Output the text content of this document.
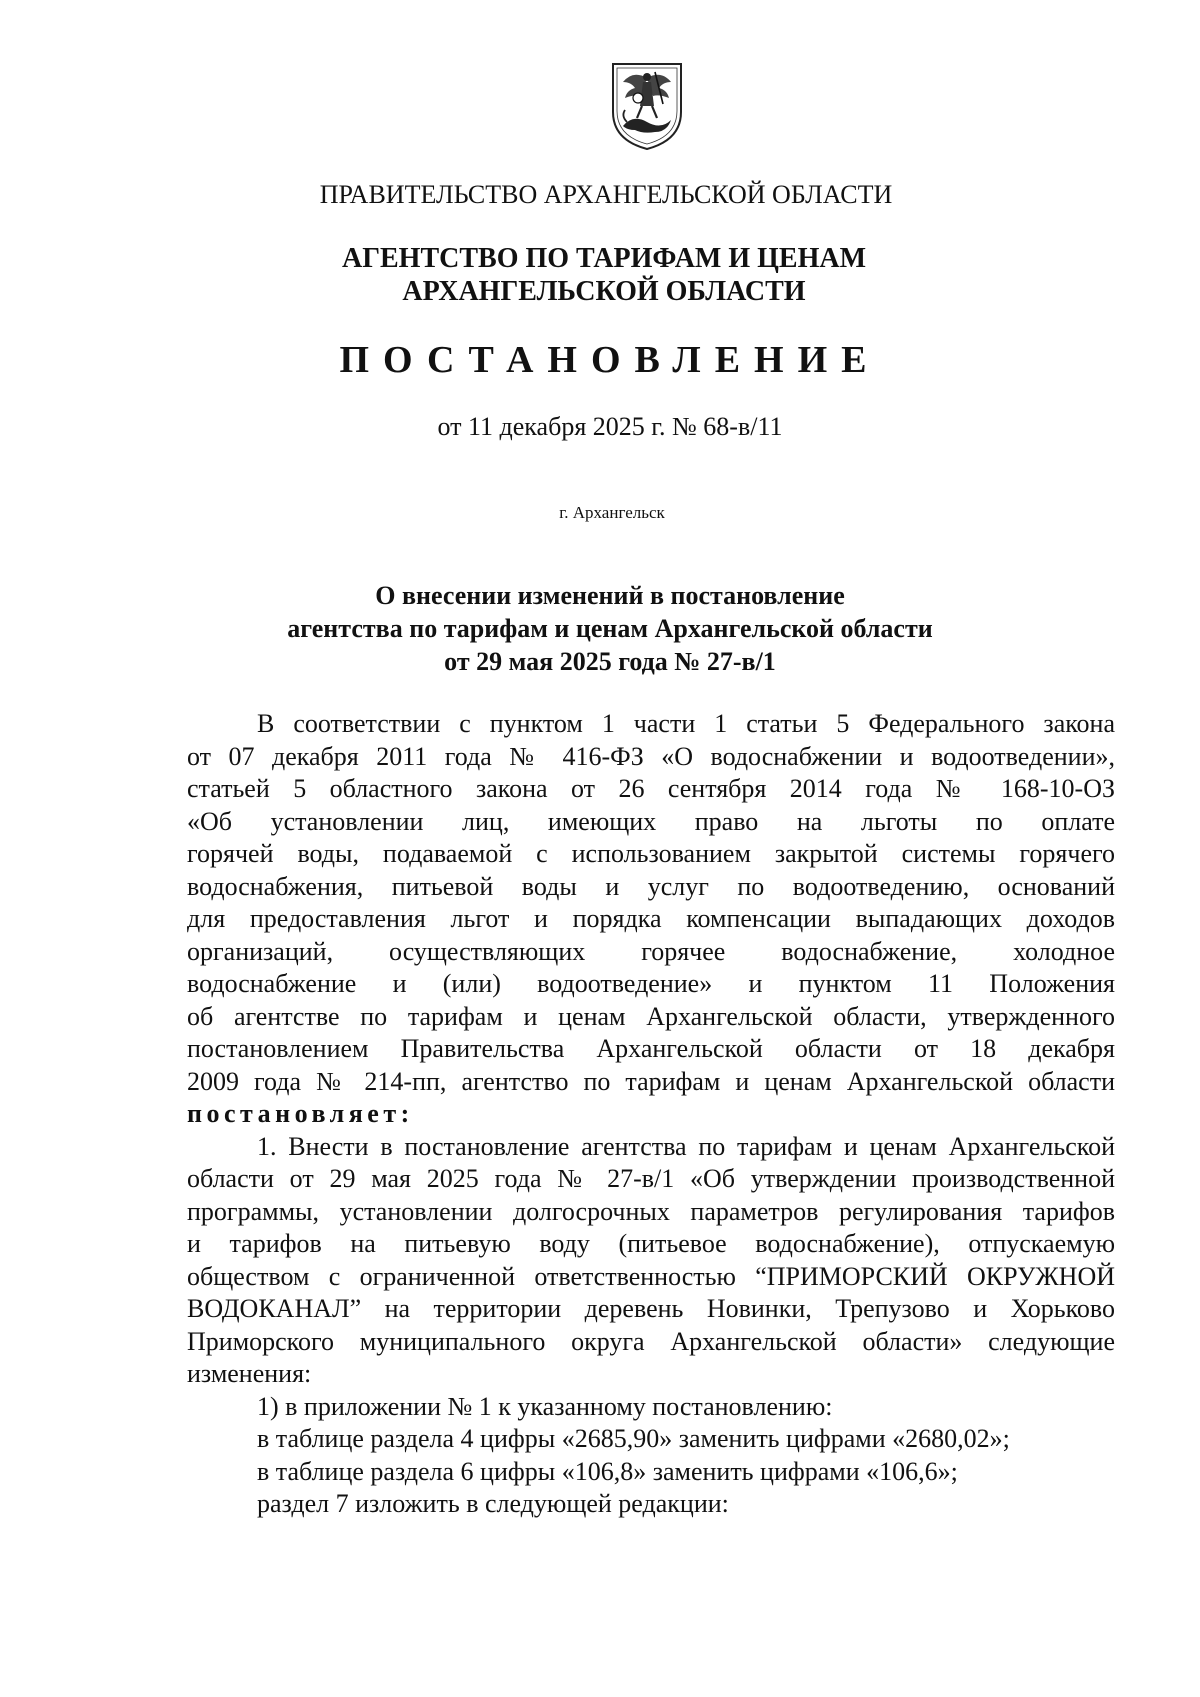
ПРАВИТЕЛЬСТВО АРХАНГЕЛЬСКОЙ ОБЛАСТИ
АГЕНТСТВО ПО ТАРИФАМ И ЦЕНАМ
АРХАНГЕЛЬСКОЙ ОБЛАСТИ
ПОСТАНОВЛЕНИЕ
от 11 декабря 2025 г. № 68-в/11
г. Архангельск
О внесении изменений в постановление
агентства по тарифам и ценам Архангельской области
от 29 мая 2025 года № 27-в/1
В соответствии с пунктом 1 части 1 статьи 5 Федерального закона
от 07 декабря 2011 года № 416-ФЗ «О водоснабжении и водоотведении»,
статьей 5 областного закона от 26 сентября 2014 года № 168-10-ОЗ
«Об установлении лиц, имеющих право на льготы по оплате
горячей воды, подаваемой с использованием закрытой системы горячего
водоснабжения, питьевой воды и услуг по водоотведению, оснований
для предоставления льгот и порядка компенсации выпадающих доходов
организаций, осуществляющих горячее водоснабжение, холодное
водоснабжение и (или) водоотведение» и пунктом 11 Положения
об агентстве по тарифам и ценам Архангельской области, утвержденного
постановлением Правительства Архангельской области от 18 декабря
2009 года № 214-пп, агентство по тарифам и ценам Архангельской области
постановляет:
1. Внести в постановление агентства по тарифам и ценам Архангельской
области от 29 мая 2025 года № 27-в/1 «Об утверждении производственной
программы, установлении долгосрочных параметров регулирования тарифов
и тарифов на питьевую воду (питьевое водоснабжение), отпускаемую
обществом с ограниченной ответственностью “ПРИМОРСКИЙ ОКРУЖНОЙ
ВОДОКАНАЛ” на территории деревень Новинки, Трепузово и Хорьково
Приморского муниципального округа Архангельской области» следующие
изменения:
1) в приложении № 1 к указанному постановлению:
в таблице раздела 4 цифры «2685,90» заменить цифрами «2680,02»;
в таблице раздела 6 цифры «106,8» заменить цифрами «106,6»;
раздел 7 изложить в следующей редакции:
